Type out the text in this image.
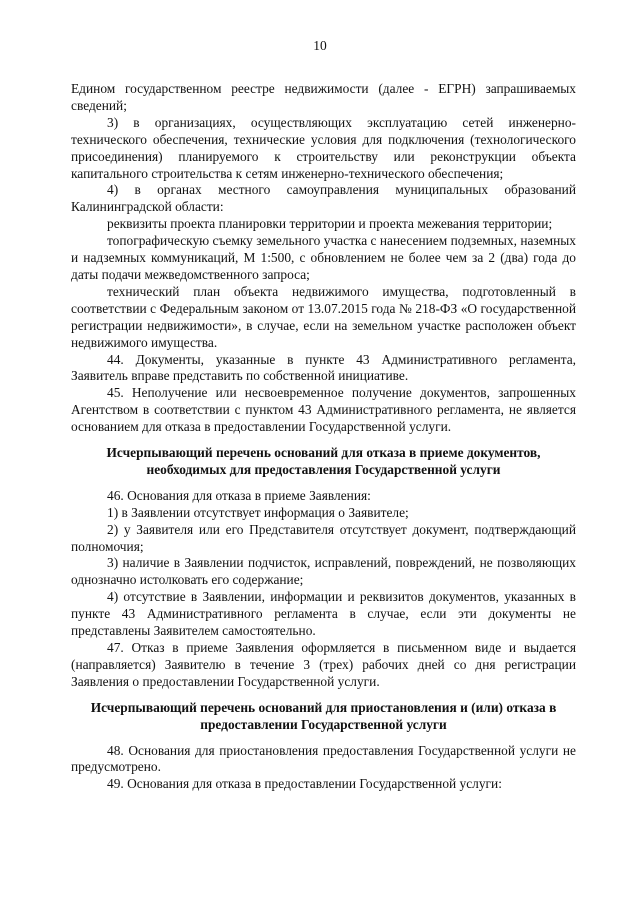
10

Едином государственном реестре недвижимости (далее - ЕГРН) запрашиваемых сведений;

3) в организациях, осуществляющих эксплуатацию сетей инженерно-технического обеспечения, технические условия для подключения (технологического присоединения) планируемого к строительству или реконструкции объекта капитального строительства к сетям инженерно-технического обеспечения;

4) в органах местного самоуправления муниципальных образований Калининградской области:

реквизиты проекта планировки территории и проекта межевания территории;

топографическую съемку земельного участка с нанесением подземных, наземных и надземных коммуникаций, М 1:500, с обновлением не более чем за 2 (два) года до даты подачи межведомственного запроса;

технический план объекта недвижимого имущества, подготовленный в соответствии с Федеральным законом от 13.07.2015 года № 218-ФЗ «О государственной регистрации недвижимости», в случае, если на земельном участке расположен объект недвижимого имущества.

44. Документы, указанные в пункте 43 Административного регламента, Заявитель вправе представить по собственной инициативе.

45. Неполучение или несвоевременное получение документов, запрошенных Агентством в соответствии с пунктом 43 Административного регламента, не является основанием для отказа в предоставлении Государственной услуги.

Исчерпывающий перечень оснований для отказа в приеме документов, необходимых для предоставления Государственной услуги

46. Основания для отказа в приеме Заявления:

1) в Заявлении отсутствует информация о Заявителе;

2) у Заявителя или его Представителя отсутствует документ, подтверждающий полномочия;

3) наличие в Заявлении подчисток, исправлений, повреждений, не позволяющих однозначно истолковать его содержание;

4) отсутствие в Заявлении, информации и реквизитов документов, указанных в пункте 43 Административного регламента в случае, если эти документы не представлены Заявителем самостоятельно.

47. Отказ в приеме Заявления оформляется в письменном виде и выдается (направляется) Заявителю в течение 3 (трех) рабочих дней со дня регистрации Заявления о предоставлении Государственной услуги.

Исчерпывающий перечень оснований для приостановления и (или) отказа в предоставлении Государственной услуги

48. Основания для приостановления предоставления Государственной услуги не предусмотрено.

49. Основания для отказа в предоставлении Государственной услуги:
